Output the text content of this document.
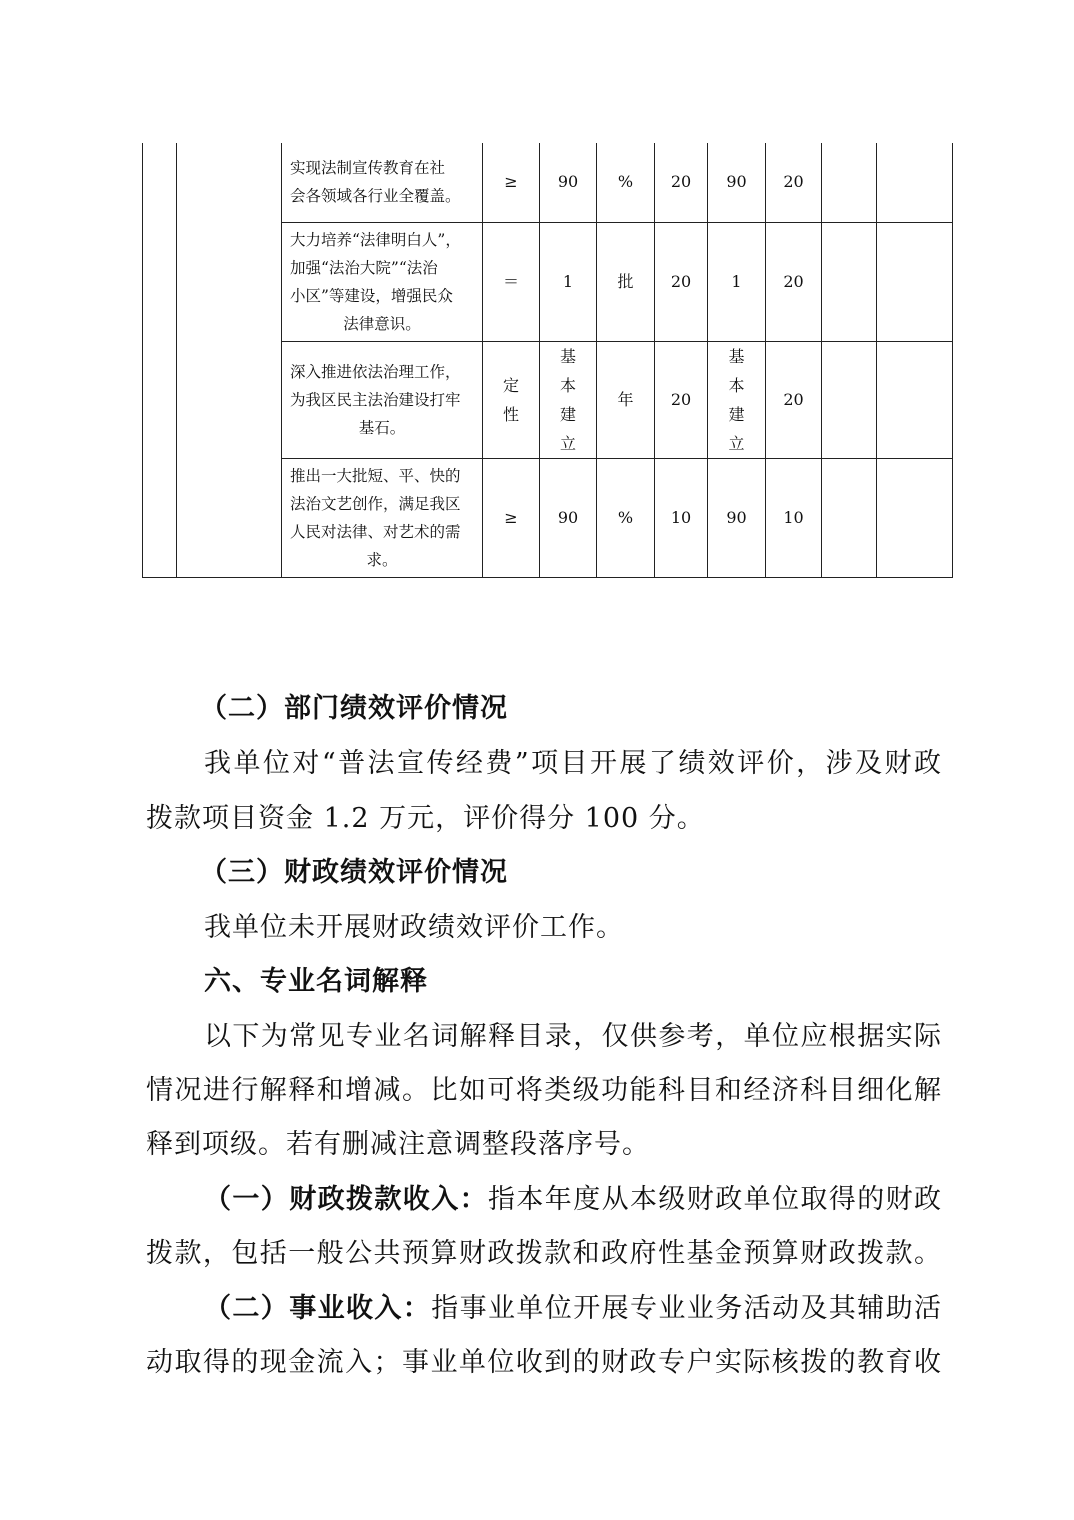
		实现法制宣传教育在社
会各领域各行业全覆盖。	≥	90	%	20	90	20		

		大力培养“法律明白人”，
加强“法治大院”“法治
小区”等建设，增强民众
法律意识。	＝	1	批	20	1	20		

		深入推进依法治理工作，
为我区民主法治建设打牢
基石。	定
性	基
本
建
立	年	20	基
本
建
立	20		

		推出一大批短、平、快的
法治文艺创作，满足我区
人民对法律、对艺术的需
求。	≥	90	%	10	90	10		
（二）部门绩效评价情况
我单位对“普法宣传经费”项目开展了绩效评价，涉及财政
拨款项目资金 1.2 万元，评价得分 100 分。
（三）财政绩效评价情况
我单位未开展财政绩效评价工作。
六、专业名词解释
以下为常见专业名词解释目录，仅供参考，单位应根据实际
情况进行解释和增减。比如可将类级功能科目和经济科目细化解
释到项级。若有删减注意调整段落序号。
（一）财政拨款收入：指本年度从本级财政单位取得的财政
拨款，包括一般公共预算财政拨款和政府性基金预算财政拨款。
（二）事业收入：指事业单位开展专业业务活动及其辅助活
动取得的现金流入；事业单位收到的财政专户实际核拨的教育收
